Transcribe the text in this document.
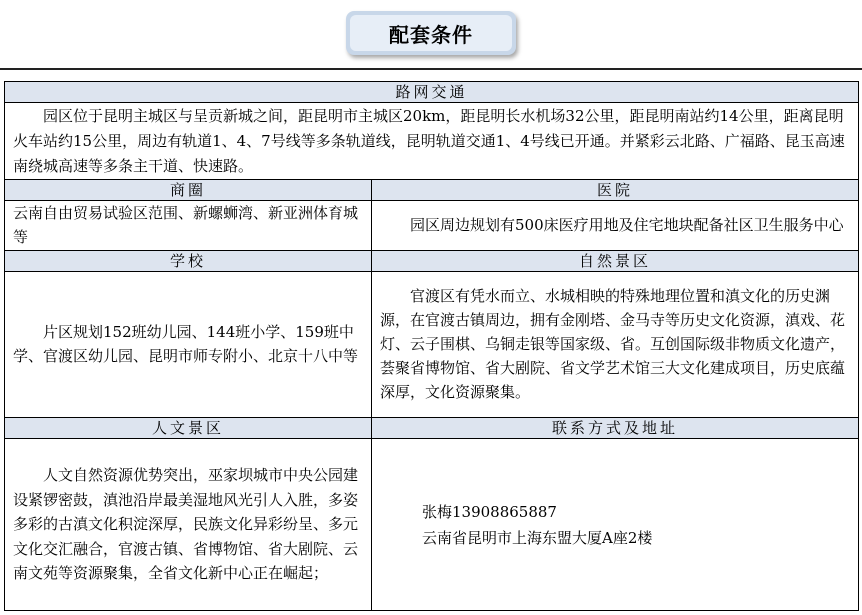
配套条件
路网交通	
园区位于昆明主城区与呈贡新城之间，距昆明市主城区20km，距昆明长水机场32公里，距昆明南站约14公里，距离昆明火车站约15公里，周边有轨道1、4、7号线等多条轨道线，昆明轨道交通1、4号线已开通。并紧彩云北路、广福路、昆玉高速南绕城高速等多条主干道、快速路。	
商圈	医院
云南自由贸易试验区范围、新螺蛳湾、新亚洲体育城等	园区周边规划有500床医疗用地及住宅地块配备社区卫生服务中心
学校	自然景区
片区规划152班幼儿园、144班小学、159班中学、官渡区幼儿园、昆明市师专附小、北京十八中等	官渡区有凭水而立、水城相映的特殊地理位置和滇文化的历史渊源，在官渡古镇周边，拥有金刚塔、金马寺等历史文化资源，滇戏、花灯、云子围棋、乌铜走银等国家级、省。互创国际级非物质文化遗产，荟聚省博物馆、省大剧院、省文学艺术馆三大文化建成项目，历史底蕴深厚，文化资源聚集。
人文景区	联系方式及地址
人文自然资源优势突出，巫家坝城市中央公园建设紧锣密鼓，滇池沿岸最美湿地风光引人入胜，多姿多彩的古滇文化积淀深厚，民族文化异彩纷呈、多元文化交汇融合，官渡古镇、省博物馆、省大剧院、云南文苑等资源聚集，全省文化新中心正在崛起；	张梅13908865887
云南省昆明市上海东盟大厦A座2楼
